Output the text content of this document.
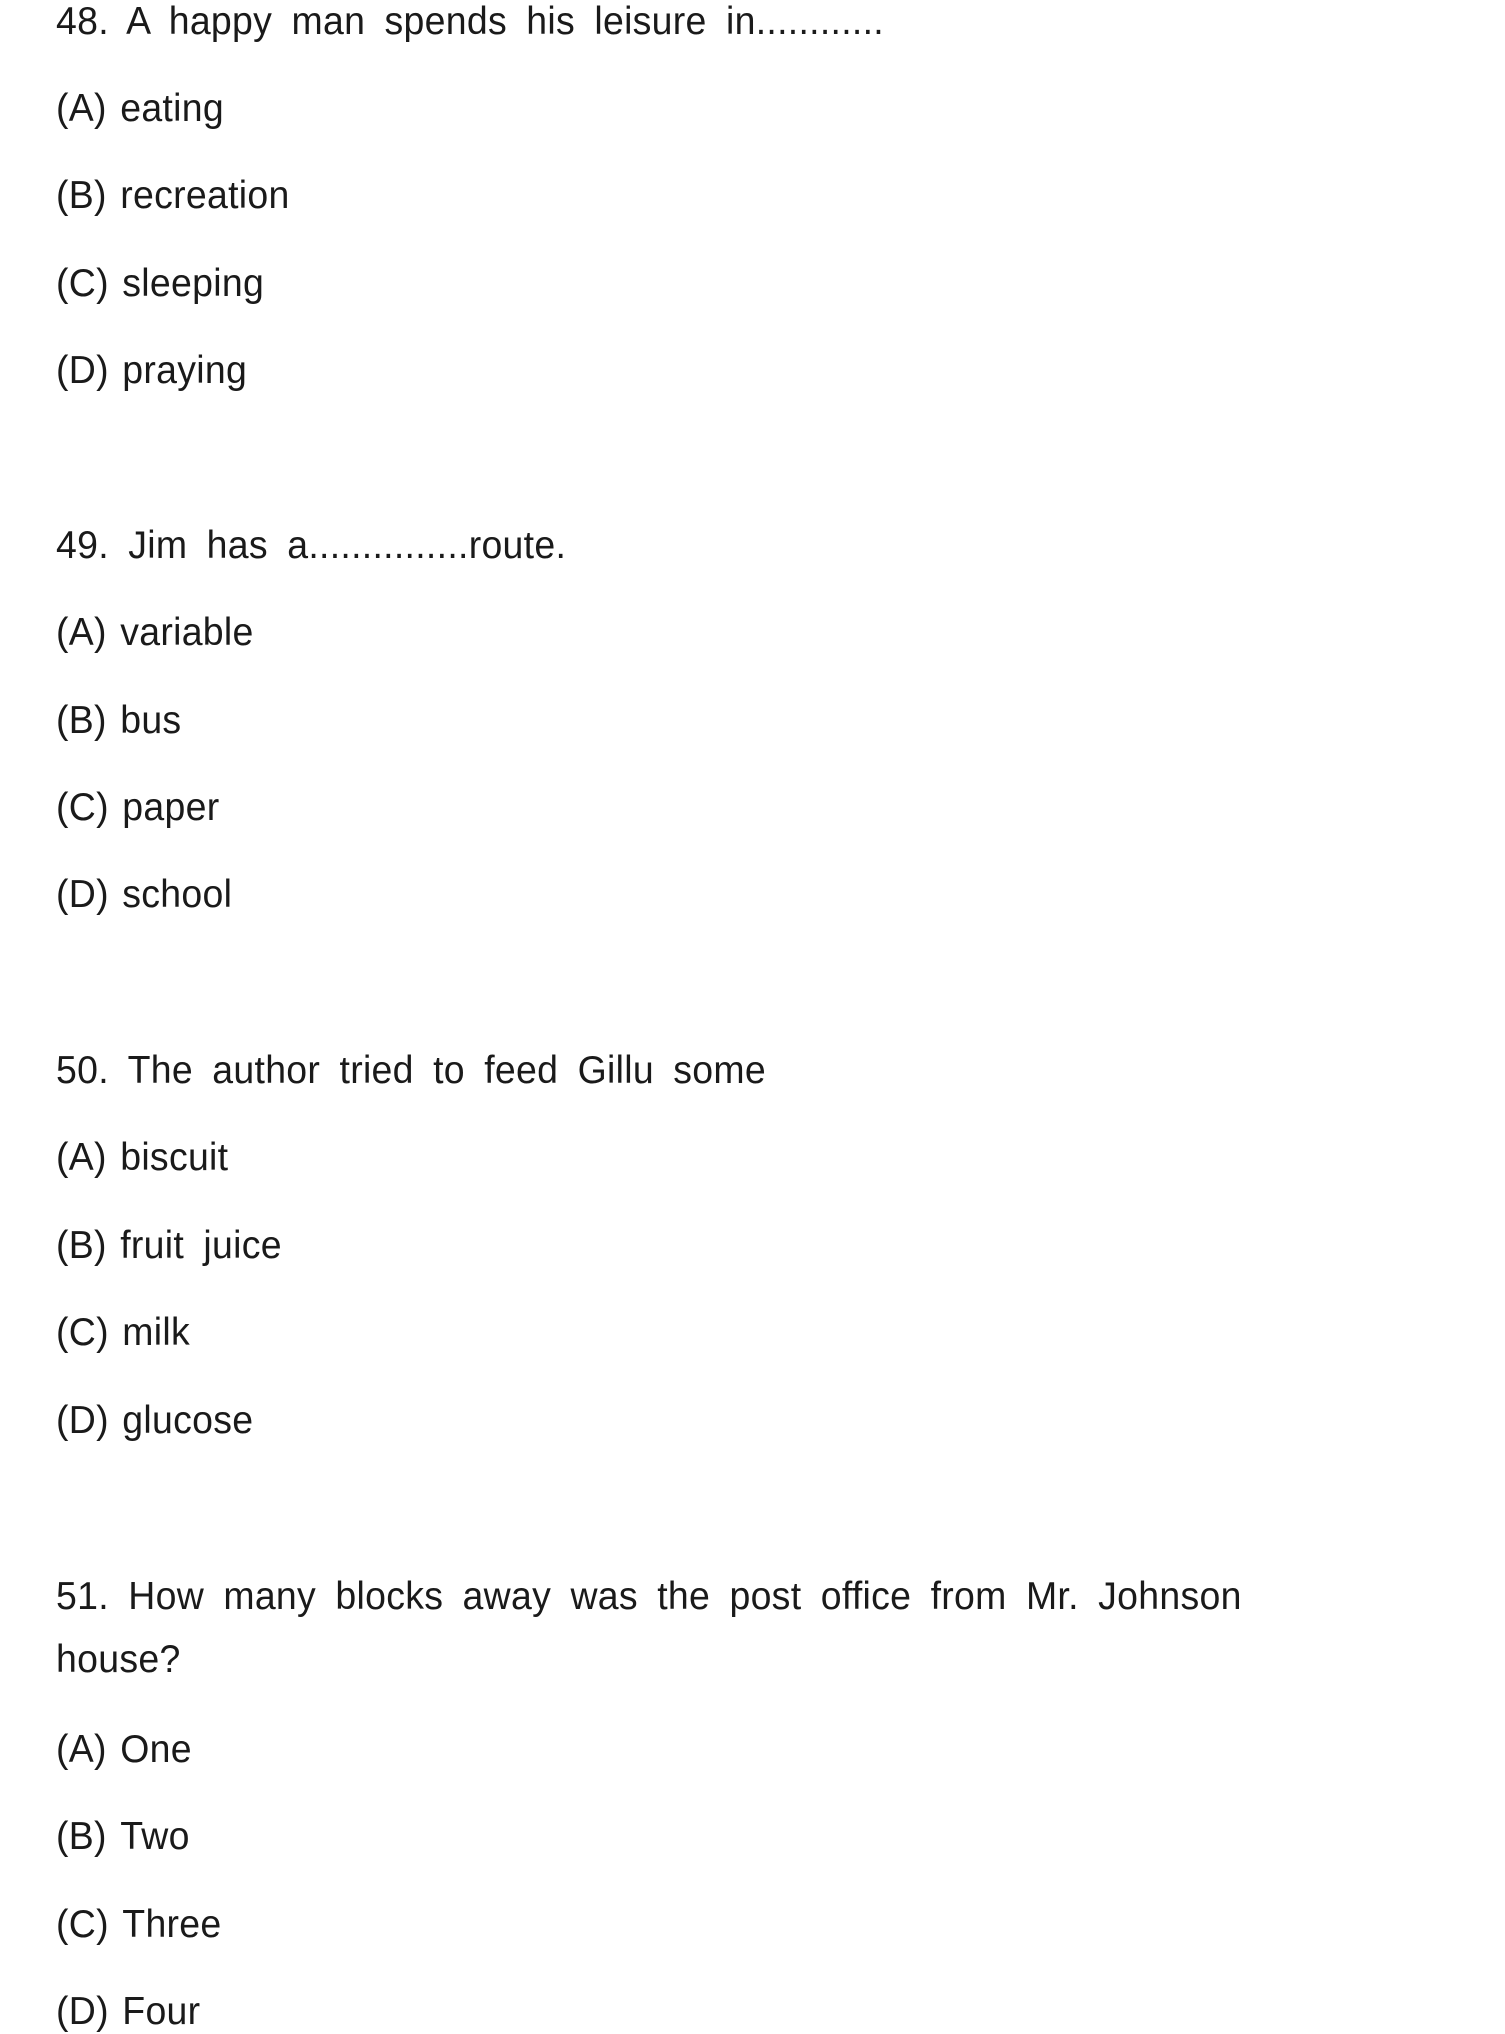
48. A happy man spends his leisure in............
(A) eating
(B) recreation
(C) sleeping
(D) praying
49. Jim has a...............route.
(A) variable
(B) bus
(C) paper
(D) school
50. The author tried to feed Gillu some
(A) biscuit
(B) fruit juice
(C) milk
(D) glucose
51. How many blocks away was the post office from Mr. Johnson
house?
(A) One
(B) Two
(C) Three
(D) Four
